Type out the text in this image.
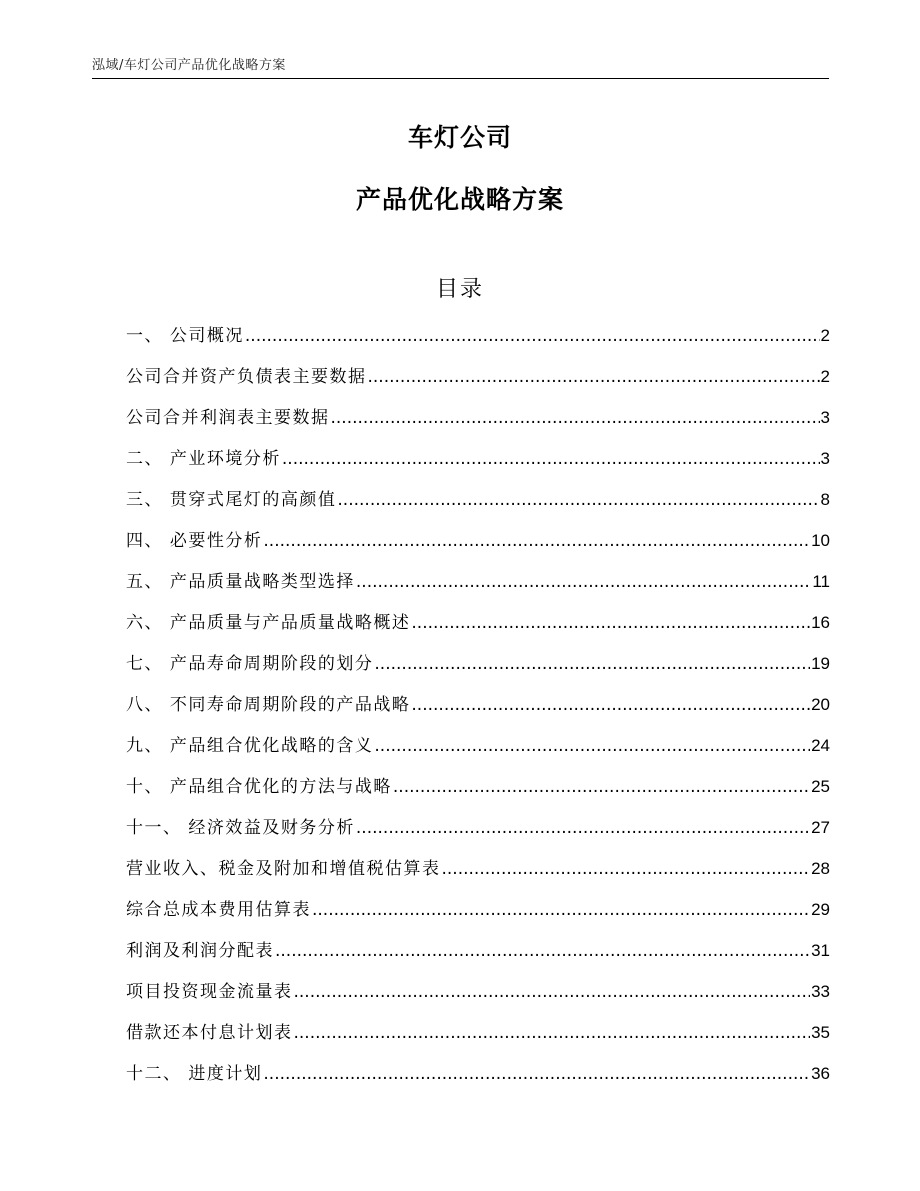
泓域/车灯公司产品优化战略方案
车灯公司
产品优化战略方案
目录
一、 公司概况 .....	2
公司合并资产负债表主要数据 .....	2
公司合并利润表主要数据 .....	3
二、 产业环境分析 .....	3
三、 贯穿式尾灯的高颜值 .....	8
四、 必要性分析 .....	10
五、 产品质量战略类型选择 .....	11
六、 产品质量与产品质量战略概述 .....	16
七、 产品寿命周期阶段的划分 .....	19
八、 不同寿命周期阶段的产品战略 .....	20
九、 产品组合优化战略的含义 .....	24
十、 产品组合优化的方法与战略 .....	25
十一、 经济效益及财务分析 .....	27
营业收入、税金及附加和增值税估算表 .....	28
综合总成本费用估算表 .....	29
利润及利润分配表 .....	31
项目投资现金流量表 .....	33
借款还本付息计划表 .....	35
十二、 进度计划 .....	36
